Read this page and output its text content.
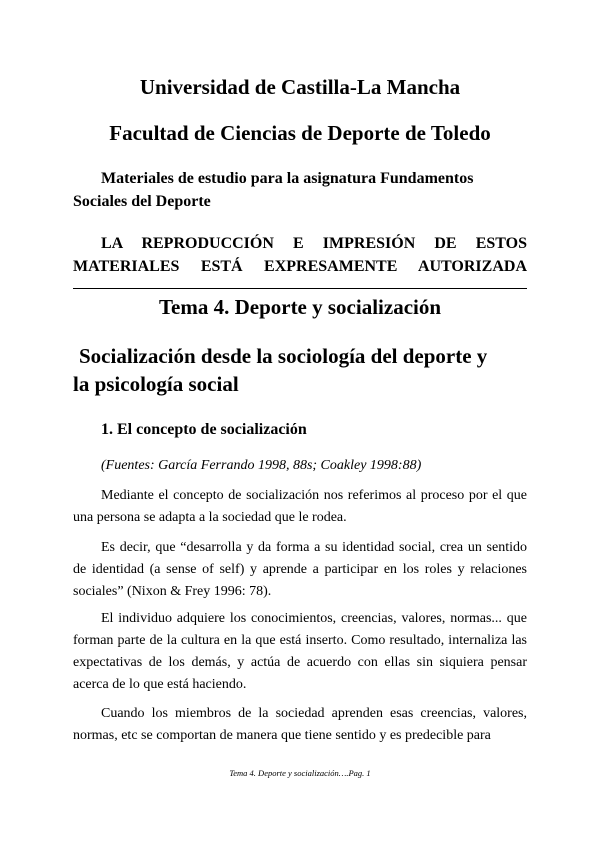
Universidad de Castilla-La Mancha
Facultad de Ciencias de Deporte de Toledo
Materiales de estudio para la asignatura Fundamentos
Sociales del Deporte
LA REPRODUCCIÓN E IMPRESIÓN DE ESTOS
MATERIALES ESTÁ EXPRESAMENTE AUTORIZADA
Tema 4. Deporte y socialización
Socialización desde la sociología del deporte y
la psicología social
1. El concepto de socialización
(Fuentes: García Ferrando 1998, 88s; Coakley 1998:88)
Mediante el concepto de socialización nos referimos al proceso por el que una persona se adapta a la sociedad que le rodea.
Es decir, que “desarrolla y da forma a su identidad social, crea un sentido de identidad (a sense of self) y aprende a participar en los roles y relaciones sociales” (Nixon & Frey 1996: 78).
El individuo adquiere los conocimientos, creencias, valores, normas... que forman parte de la cultura en la que está inserto. Como resultado, internaliza las expectativas de los demás, y actúa de acuerdo con ellas sin siquiera pensar acerca de lo que está haciendo.
Cuando los miembros de la sociedad aprenden esas creencias, valores, normas, etc se comportan de manera que tiene sentido y es predecible para
Tema 4. Deporte y socialización….Pag. 1
